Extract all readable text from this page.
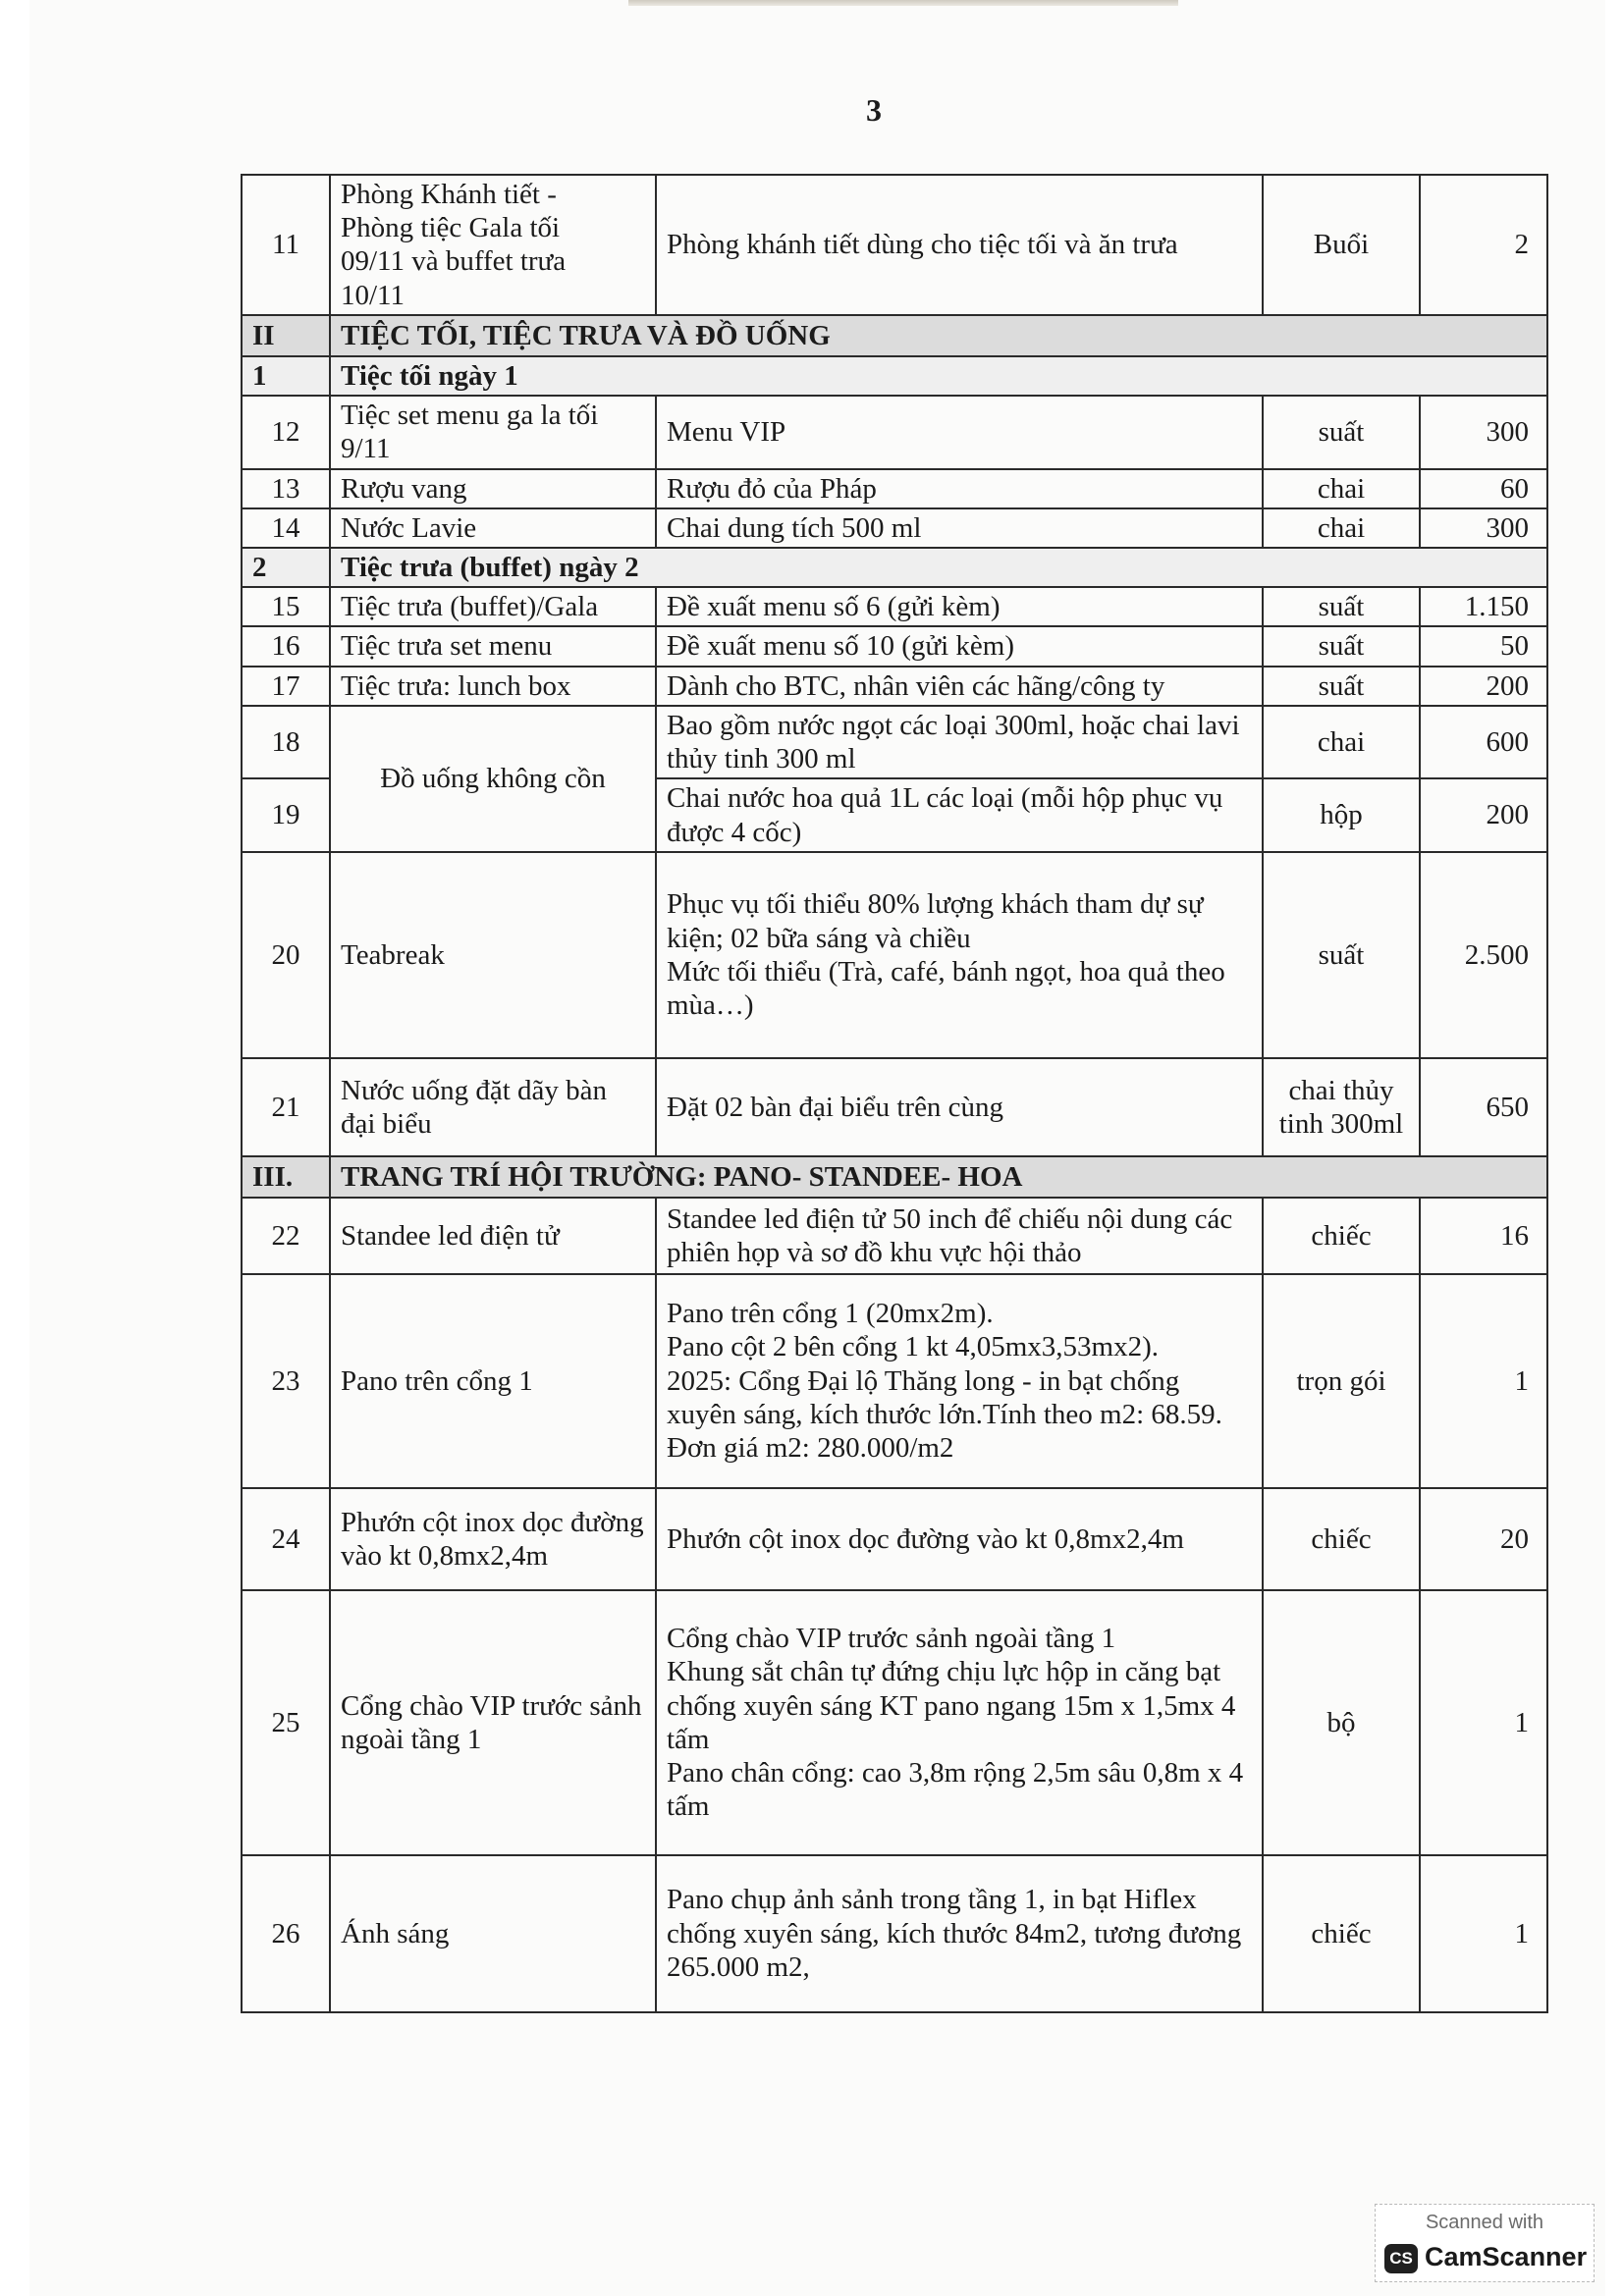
3
11	Phòng Khánh tiết -
Phòng tiệc Gala tối
09/11 và buffet trưa
10/11	Phòng khánh tiết dùng cho tiệc tối và ăn trưa	Buổi	2
II	TIỆC TỐI, TIỆC TRƯA VÀ ĐỒ UỐNG			
1	Tiệc tối ngày 1			
12	Tiệc set menu ga la tối
9/11	Menu VIP	suất	300
13	Rượu vang	Rượu đỏ của Pháp	chai	60
14	Nước Lavie	Chai dung tích 500 ml	chai	300
2	Tiệc trưa (buffet) ngày 2			
15	Tiệc trưa (buffet)/Gala	Đề xuất menu số 6 (gửi kèm)	suất	1.150
16	Tiệc trưa set menu	Đề xuất menu số 10 (gửi kèm)	suất	50
17	Tiệc trưa: lunch box	Dành cho BTC, nhân viên các hãng/công ty	suất	200
18	Đồ uống không cồn	Bao gồm nước ngọt các loại 300ml, hoặc chai lavi thủy tinh 300 ml	chai	600
19		Chai nước hoa quả 1L các loại (mỗi hộp phục vụ được 4 cốc)	hộp	200
20	Teabreak	Phục vụ tối thiểu 80% lượng khách tham dự sự kiện; 02 bữa sáng và chiều
Mức tối thiểu (Trà, café, bánh ngọt, hoa quả theo mùa…)	suất	2.500
21	Nước uống đặt dãy bàn đại biểu	Đặt 02 bàn đại biểu trên cùng	chai thủy tinh 300ml	650
III.	TRANG TRÍ HỘI TRƯỜNG: PANO- STANDEE- HOA			
22	Standee led điện tử	Standee led điện tử 50 inch để chiếu nội dung các phiên họp và sơ đồ khu vực hội thảo	chiếc	16
23	Pano trên cổng 1	Pano trên cổng 1 (20mx2m).
Pano cột 2 bên cổng 1 kt 4,05mx3,53mx2).
2025: Cổng Đại lộ Thăng long - in bạt chống xuyên sáng, kích thước lớn.Tính theo m2: 68.59. Đơn giá m2: 280.000/m2	trọn gói	1
24	Phướn cột inox dọc đường vào kt 0,8mx2,4m	Phướn cột inox dọc đường vào kt 0,8mx2,4m	chiếc	20
25	Cổng chào VIP trước sảnh ngoài tầng 1	Cổng chào VIP trước sảnh ngoài tầng 1
Khung sắt chân tự đứng chịu lực hộp in căng bạt chống xuyên sáng KT pano ngang 15m x 1,5mx 4 tấm
Pano chân cổng: cao 3,8m rộng 2,5m sâu 0,8m x 4 tấm	bộ	1
26	Ánh sáng	Pano chụp ảnh sảnh trong tầng 1, in bạt Hiflex chống xuyên sáng, kích thước 84m2, tương đương 265.000 m2,	chiếc	1
Scanned with
CS CamScanner
